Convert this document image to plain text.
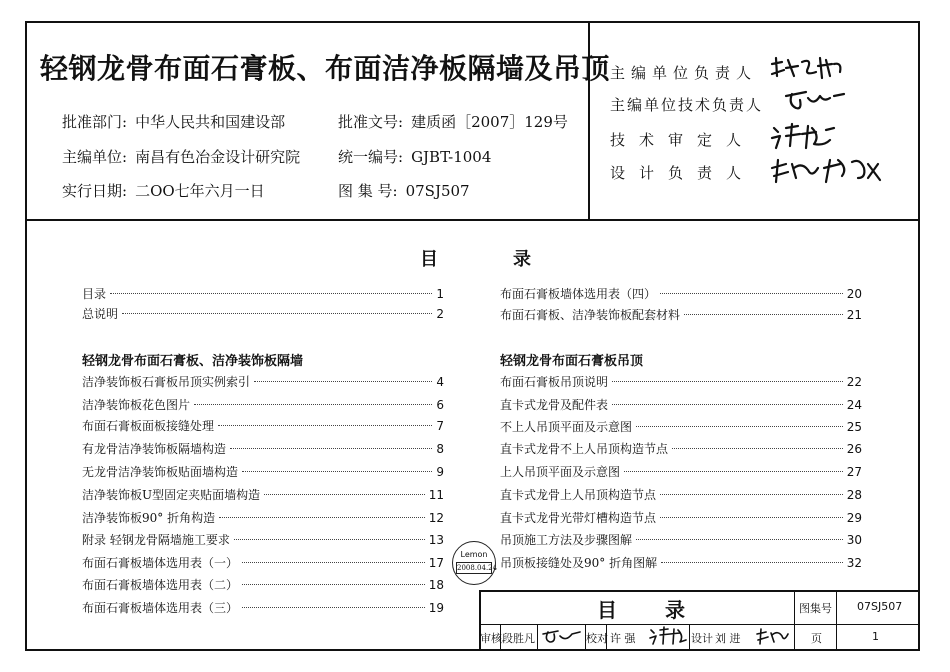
轻钢龙骨布面石膏板、布面洁净板隔墙及吊顶
批准部门: 中华人民共和国建设部	批准文号: 建质函［2007］129号
主编单位: 南昌有色冶金设计研究院	统一编号: GJBT-1004
实行日期: 二OO七年六月一日	图 集 号: 07SJ507
主编单位负责人
主编单位技术负责人
技术审定人
设计负责人
目	录
目录	1
总说明	2
轻钢龙骨布面石膏板、洁净装饰板隔墙
洁净装饰板石膏板吊顶实例索引	4
洁净装饰板花色图片	6
布面石膏板面板接缝处理	7
有龙骨洁净装饰板隔墙构造	8
无龙骨洁净装饰板贴面墙构造	9
洁净装饰板U型固定夹贴面墙构造	11
洁净装饰板90° 折角构造	12
附录 轻钢龙骨隔墙施工要求	13
布面石膏板墙体选用表（一）	17
布面石膏板墙体选用表（二）	18
布面石膏板墙体选用表（三）	19
布面石膏板墙体选用表（四）	20
布面石膏板、洁净装饰板配套材料	21
轻钢龙骨布面石膏板吊顶
布面石膏板吊顶说明	22
直卡式龙骨及配件表	24
不上人吊顶平面及示意图	25
直卡式龙骨不上人吊顶构造节点	26
上人吊顶平面及示意图	27
直卡式龙骨上人吊顶构造节点	28
直卡式龙骨光带灯槽构造节点	29
吊顶施工方法及步骤图解	30
吊顶板接缝处及90° 折角图解	32
Lemon
2008.04.24
目 录	图集号 07SJ507
审核 段胜凡	校对 许 强	设计 刘 进	页	1
